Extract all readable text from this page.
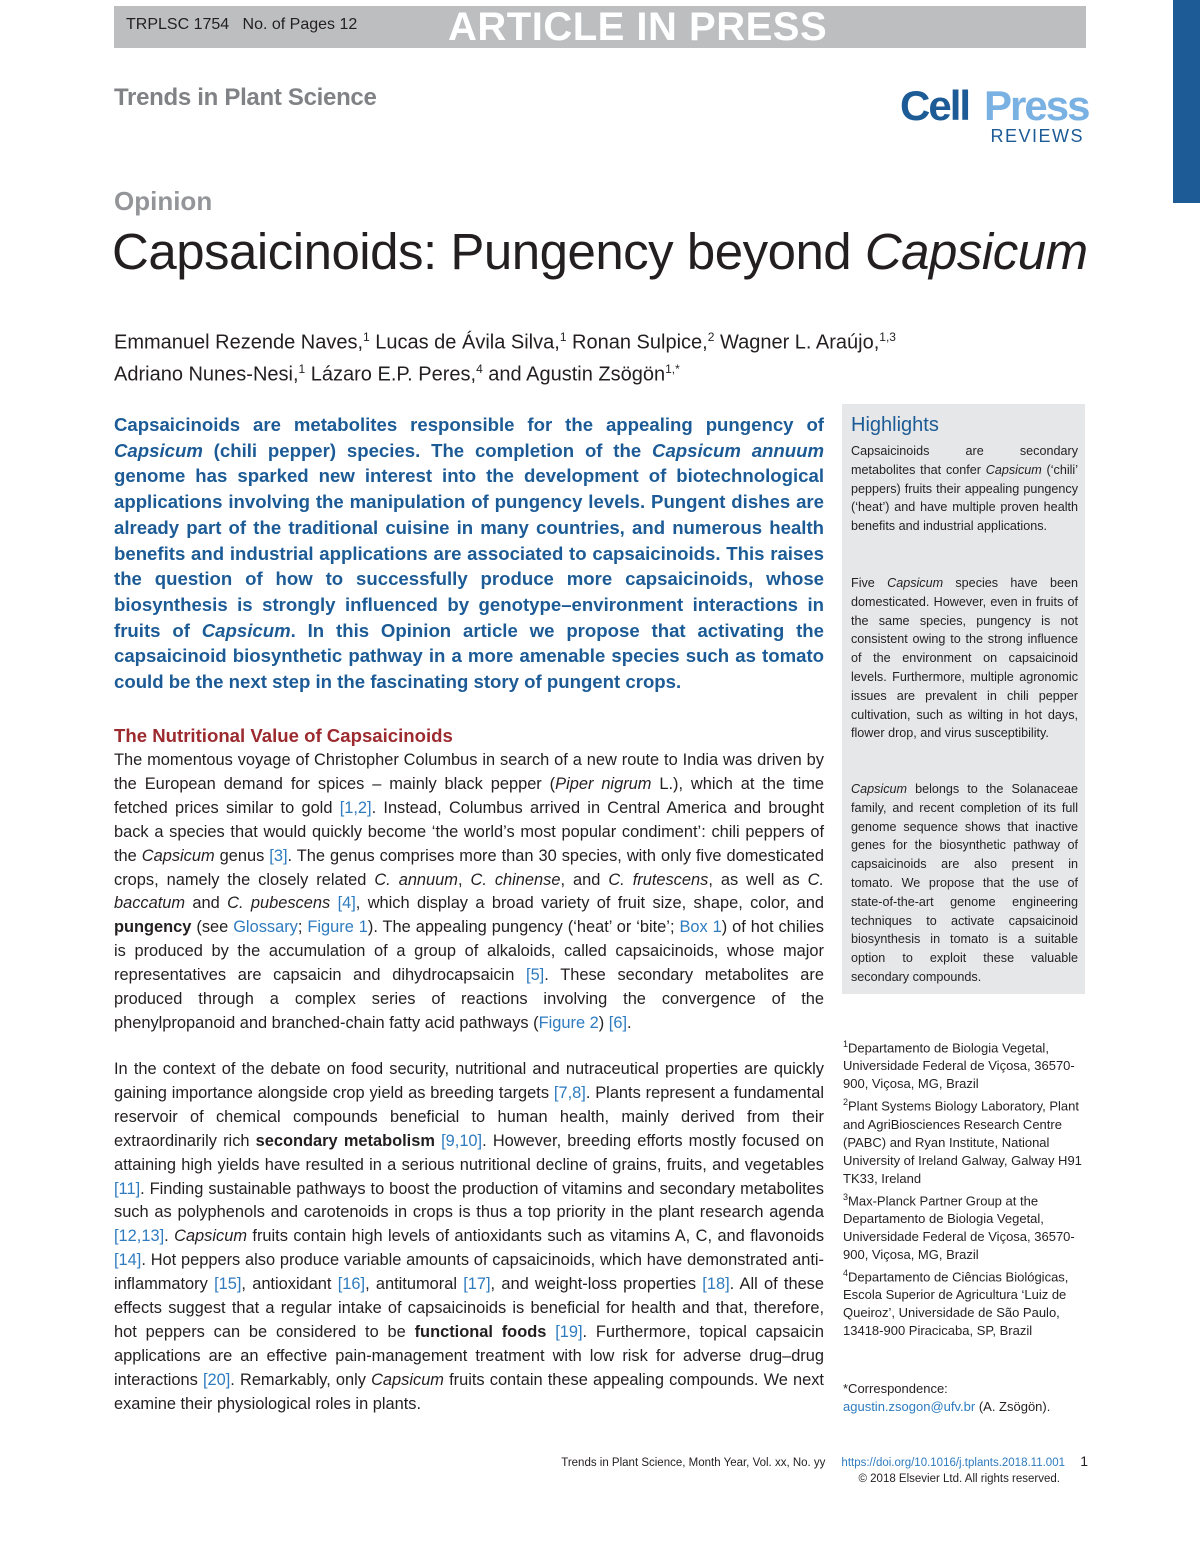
TRPLSC 1754 No. of Pages 12 ARTICLE IN PRESS
Trends in Plant Science	Cell Press
REVIEWS
Opinion
Capsaicinoids: Pungency beyond Capsicum
Emmanuel Rezende Naves,$^1$ Lucas de Ávila Silva,$^1$ Ronan Sulpice,$^2$ Wagner L. Araújo,$^{1,3}$
Adriano Nunes-Nesi,$^1$ Lázaro E.P. Peres,$^4$ and Agustin Zsögön$^{1,*}$

Capsaicinoids are metabolites responsible for the appealing pungency of Capsicum (chili pepper) species. The completion of the Capsicum annuum genome has sparked new interest into the development of biotechnological applications involving the manipulation of pungency levels. Pungent dishes are already part of the traditional cuisine in many countries, and numerous health benefits and industrial applications are associated to capsaicinoids. This raises the question of how to successfully produce more capsaicinoids, whose biosynthesis is strongly influenced by genotype–environment interactions in fruits of Capsicum. In this Opinion article we propose that activating the capsaicinoid biosynthetic pathway in a more amenable species such as tomato could be the next step in the fascinating story of pungent crops.

The Nutritional Value of Capsaicinoids

The momentous voyage of Christopher Columbus in search of a new route to India was driven by the European demand for spices – mainly black pepper (Piper nigrum L.), which at the time fetched prices similar to gold [1,2]. Instead, Columbus arrived in Central America and brought back a species that would quickly become ‘the world’s most popular condiment’: chili peppers of the Capsicum genus [3]. The genus comprises more than 30 species, with only five domesticated crops, namely the closely related C. annuum, C. chinense, and C. frutescens, as well as C. baccatum and C. pubescens [4], which display a broad variety of fruit size, shape, color, and pungency (see Glossary; Figure 1). The appealing pungency (‘heat’ or ‘bite’; Box 1) of hot chilies is produced by the accumulation of a group of alkaloids, called capsaicinoids, whose major representatives are capsaicin and dihydrocapsaicin [5]. These secondary metabolites are produced through a complex series of reactions involving the convergence of the phenylpropanoid and branched-chain fatty acid pathways (Figure 2) [6].

In the context of the debate on food security, nutritional and nutraceutical properties are quickly gaining importance alongside crop yield as breeding targets [7,8]. Plants represent a fundamental reservoir of chemical compounds beneficial to human health, mainly derived from their extraordinarily rich secondary metabolism [9,10]. However, breeding efforts mostly focused on attaining high yields have resulted in a serious nutritional decline of grains, fruits, and vegetables [11]. Finding sustainable pathways to boost the production of vitamins and secondary metabolites such as polyphenols and carotenoids in crops is thus a top priority in the plant research agenda [12,13]. Capsicum fruits contain high levels of antioxidants such as vitamins A, C, and flavonoids [14]. Hot peppers also produce variable amounts of capsaicinoids, which have demonstrated anti-inflammatory [15], antioxidant [16], antitumoral [17], and weight-loss properties [18]. All of these effects suggest that a regular intake of capsaicinoids is beneficial for health and that, therefore, hot peppers can be considered to be functional foods [19]. Furthermore, topical capsaicin applications are an effective pain-management treatment with low risk for adverse drug–drug interactions [20]. Remarkably, only Capsicum fruits contain these appealing compounds. We next examine their physiological roles in plants.

Highlights

Capsaicinoids are secondary metabolites that confer Capsicum (‘chili’ peppers) fruits their appealing pungency (‘heat’) and have multiple proven health benefits and industrial applications.

Five Capsicum species have been domesticated. However, even in fruits of the same species, pungency is not consistent owing to the strong influence of the environment on capsaicinoid levels. Furthermore, multiple agronomic issues are prevalent in chili pepper cultivation, such as wilting in hot days, flower drop, and virus susceptibility.

Capsicum belongs to the Solanaceae family, and recent completion of its full genome sequence shows that inactive genes for the biosynthetic pathway of capsaicinoids are also present in tomato. We propose that the use of state-of-the-art genome engineering techniques to activate capsaicinoid biosynthesis in tomato is a suitable option to exploit these valuable secondary compounds.

$^1$Departamento de Biologia Vegetal, Universidade Federal de Viçosa, 36570-900, Viçosa, MG, Brazil
$^2$Plant Systems Biology Laboratory, Plant and AgriBiosciences Research Centre (PABC) and Ryan Institute, National University of Ireland Galway, Galway H91 TK33, Ireland
$^3$Max-Planck Partner Group at the Departamento de Biologia Vegetal, Universidade Federal de Viçosa, 36570-900, Viçosa, MG, Brazil
$^4$Departamento de Ciências Biológicas, Escola Superior de Agricultura ‘Luiz de Queiroz’, Universidade de São Paulo, 13418-900 Piracicaba, SP, Brazil
*Correspondence:
agustin.zsogon@ufv.br (A. Zsögön).
Trends in Plant Science, Month Year, Vol. xx, No. yy https://doi.org/10.1016/j.tplants.2018.11.001 1
© 2018 Elsevier Ltd. All rights reserved.
